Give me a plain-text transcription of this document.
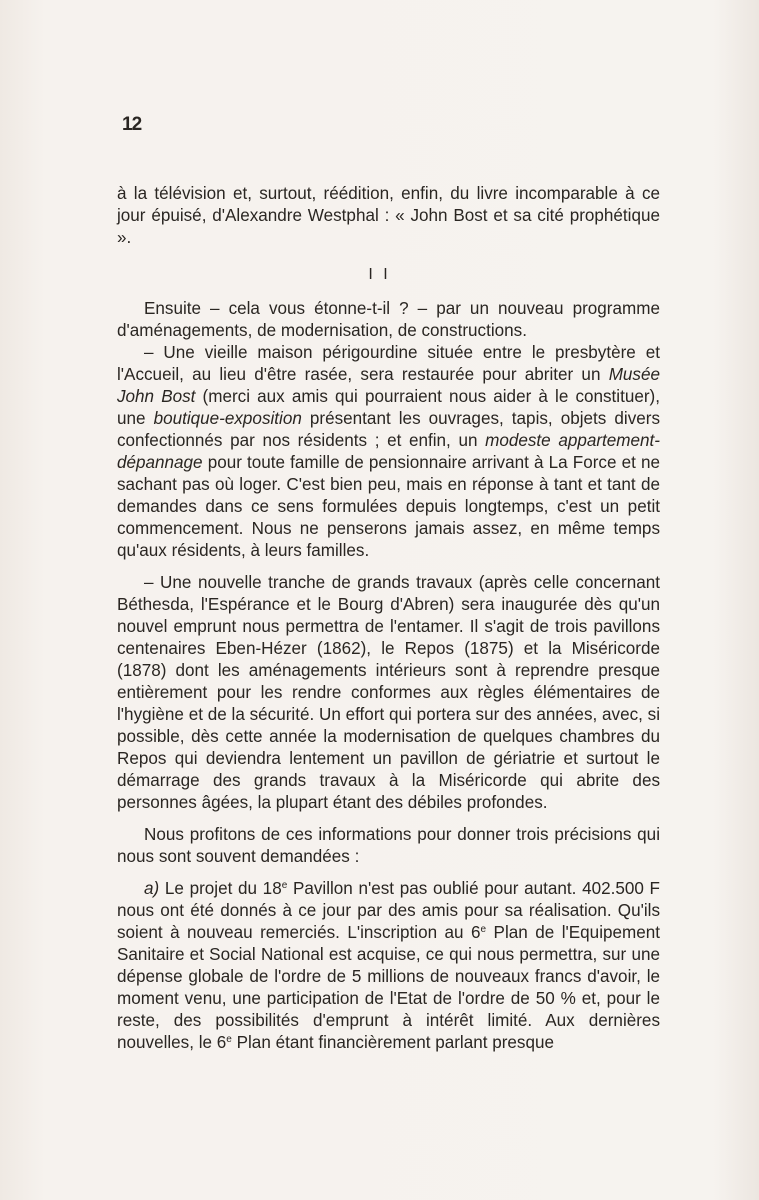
12

à la télévision et, surtout, réédition, enfin, du livre incomparable à ce jour épuisé, d'Alexandre Westphal : « John Bost et sa cité prophétique ».

I I

Ensuite – cela vous étonne-t-il ? – par un nouveau programme d'aménagements, de modernisation, de constructions.

– Une vieille maison périgourdine située entre le presbytère et l'Accueil, au lieu d'être rasée, sera restaurée pour abriter un Musée John Bost (merci aux amis qui pourraient nous aider à le constituer), une boutique-exposition présentant les ouvrages, tapis, objets divers confectionnés par nos résidents ; et enfin, un modeste appartement-dépannage pour toute famille de pensionnaire arrivant à La Force et ne sachant pas où loger. C'est bien peu, mais en réponse à tant et tant de demandes dans ce sens formulées depuis longtemps, c'est un petit commencement. Nous ne penserons jamais assez, en même temps qu'aux résidents, à leurs familles.

– Une nouvelle tranche de grands travaux (après celle concernant Béthesda, l'Espérance et le Bourg d'Abren) sera inaugurée dès qu'un nouvel emprunt nous permettra de l'entamer. Il s'agit de trois pavillons centenaires Eben-Hézer (1862), le Repos (1875) et la Miséricorde (1878) dont les aménagements intérieurs sont à reprendre presque entièrement pour les rendre conformes aux règles élémentaires de l'hygiène et de la sécurité. Un effort qui portera sur des années, avec, si possible, dès cette année la modernisation de quelques chambres du Repos qui deviendra lentement un pavillon de gériatrie et surtout le démarrage des grands travaux à la Miséricorde qui abrite des personnes âgées, la plupart étant des débiles profondes.

Nous profitons de ces informations pour donner trois précisions qui nous sont souvent demandées :

a) Le projet du 18e Pavillon n'est pas oublié pour autant. 402.500 F nous ont été donnés à ce jour par des amis pour sa réalisation. Qu'ils soient à nouveau remerciés. L'inscription au 6e Plan de l'Equipement Sanitaire et Social National est acquise, ce qui nous permettra, sur une dépense globale de l'ordre de 5 millions de nouveaux francs d'avoir, le moment venu, une participation de l'Etat de l'ordre de 50 % et, pour le reste, des possibilités d'emprunt à intérêt limité. Aux dernières nouvelles, le 6e Plan étant financièrement parlant presque
